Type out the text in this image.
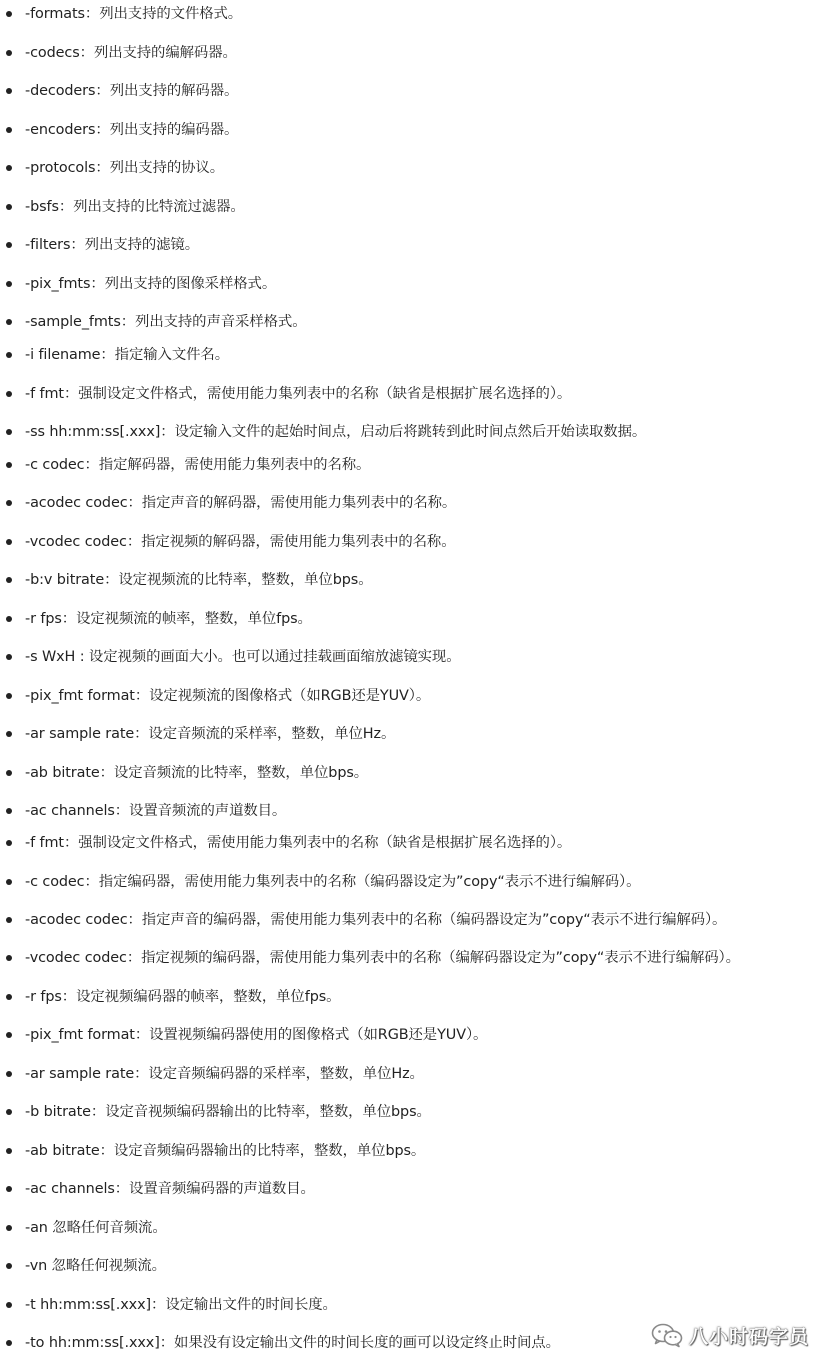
-formats：列出支持的文件格式。
-codecs：列出支持的编解码器。
-decoders：列出支持的解码器。
-encoders：列出支持的编码器。
-protocols：列出支持的协议。
-bsfs：列出支持的比特流过滤器。
-filters：列出支持的滤镜。
-pix_fmts：列出支持的图像采样格式。
-sample_fmts：列出支持的声音采样格式。
-i filename：指定输入文件名。
-f fmt：强制设定文件格式，需使用能力集列表中的名称（缺省是根据扩展名选择的）。
-ss hh:mm:ss[.xxx]：设定输入文件的起始时间点，启动后将跳转到此时间点然后开始读取数据。
-c codec：指定解码器，需使用能力集列表中的名称。
-acodec codec：指定声音的解码器，需使用能力集列表中的名称。
-vcodec codec：指定视频的解码器，需使用能力集列表中的名称。
-b:v bitrate：设定视频流的比特率，整数，单位bps。
-r fps：设定视频流的帧率，整数，单位fps。
-s WxH : 设定视频的画面大小。也可以通过挂载画面缩放滤镜实现。
-pix_fmt format：设定视频流的图像格式（如RGB还是YUV）。
-ar sample rate：设定音频流的采样率，整数，单位Hz。
-ab bitrate：设定音频流的比特率，整数，单位bps。
-ac channels：设置音频流的声道数目。
-f fmt：强制设定文件格式，需使用能力集列表中的名称（缺省是根据扩展名选择的）。
-c codec：指定编码器，需使用能力集列表中的名称（编码器设定为”copy“表示不进行编解码）。
-acodec codec：指定声音的编码器，需使用能力集列表中的名称（编码器设定为”copy“表示不进行编解码）。
-vcodec codec：指定视频的编码器，需使用能力集列表中的名称（编解码器设定为”copy“表示不进行编解码）。
-r fps：设定视频编码器的帧率，整数，单位fps。
-pix_fmt format：设置视频编码器使用的图像格式（如RGB还是YUV）。
-ar sample rate：设定音频编码器的采样率，整数，单位Hz。
-b bitrate：设定音视频编码器输出的比特率，整数，单位bps。
-ab bitrate：设定音频编码器输出的比特率，整数，单位bps。
-ac channels：设置音频编码器的声道数目。
-an 忽略任何音频流。
-vn 忽略任何视频流。
-t hh:mm:ss[.xxx]：设定输出文件的时间长度。
-to hh:mm:ss[.xxx]：如果没有设定输出文件的时间长度的画可以设定终止时间点。	八小时码字员
